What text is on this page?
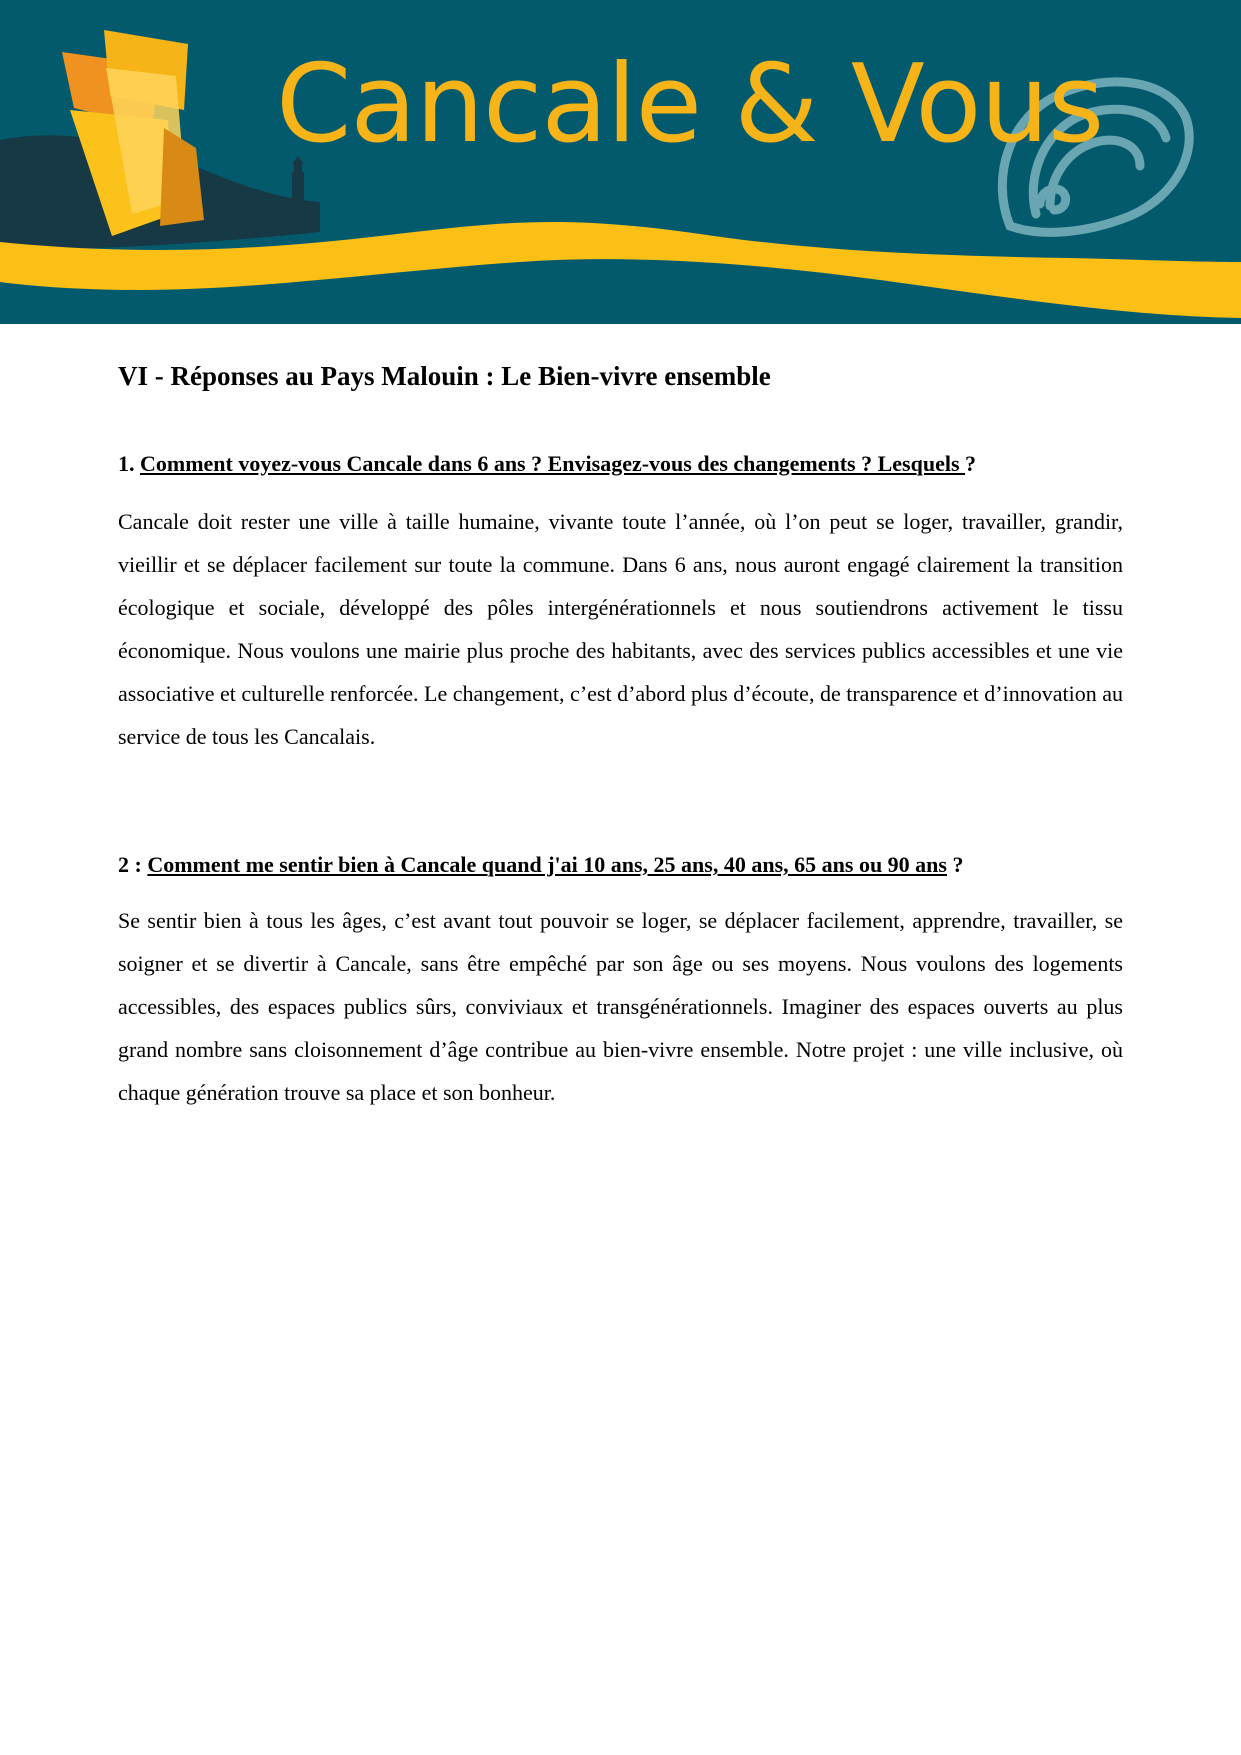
Cancale & Vous
VI - Réponses au Pays Malouin : Le Bien-vivre ensemble

1. Comment voyez-vous Cancale dans 6 ans ? Envisagez-vous des changements ? Lesquels ?

Cancale doit rester une ville à taille humaine, vivante toute l’année, où l’on peut se loger, travailler, grandir, vieillir et se déplacer facilement sur toute la commune. Dans 6 ans, nous auront engagé clairement la transition écologique et sociale, développé des pôles intergénérationnels et nous soutiendrons activement le tissu économique. Nous voulons une mairie plus proche des habitants, avec des services publics accessibles et une vie associative et culturelle renforcée. Le changement, c’est d’abord plus d’écoute, de transparence et d’innovation au service de tous les Cancalais.

2 : Comment me sentir bien à Cancale quand j'ai 10 ans, 25 ans, 40 ans, 65 ans ou 90 ans ?

Se sentir bien à tous les âges, c’est avant tout pouvoir se loger, se déplacer facilement, apprendre, travailler, se soigner et se divertir à Cancale, sans être empêché par son âge ou ses moyens. Nous voulons des logements accessibles, des espaces publics sûrs, conviviaux et transgénérationnels. Imaginer des espaces ouverts au plus grand nombre sans cloisonnement d’âge contribue au bien-vivre ensemble. Notre projet : une ville inclusive, où chaque génération trouve sa place et son bonheur.
